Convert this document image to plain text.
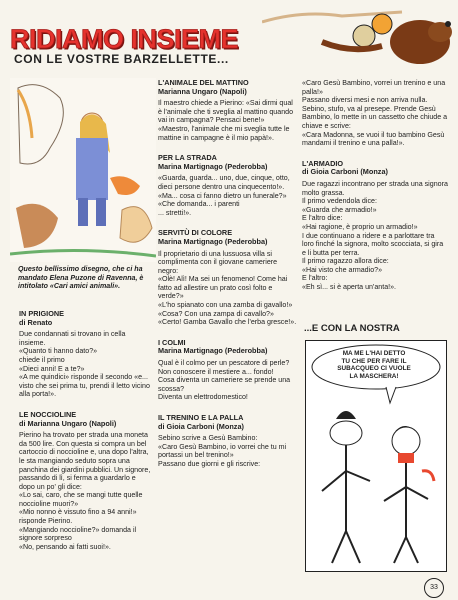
RIDIAMO INSIEME
CON LE VOSTRE BARZELLETTE...
Questo bellissimo disegno, che ci ha mandato Elena Puzone di Ravenna, è intitolato «Cari amici animali».
IN PRIGIONE
di Renato

Due condannati si trovano in cella insieme.
«Quanto ti hanno dato?»
chiede il primo
«Dieci anni! E a te?»
«A me quindici» risponde il secondo «e... visto che sei prima tu, prendi il letto vicino alla porta!».

LE NOCCIOLINE
di Marianna Ungaro (Napoli)

Pierino ha trovato per strada una moneta da 500 lire. Con questa si compra un bel cartoccio di noccioline e, una dopo l'altra, le sta mangiando seduto sopra una panchina dei giardini pubblici. Un signore, passando di lì, si ferma a guardarlo e dopo un po' gli dice:
«Lo sai, caro, che se mangi tutte quelle noccioline muori?»
«Mio nonno è vissuto fino a 94 anni!» risponde Pierino.
«Mangiando noccioline?» domanda il signore sorpreso
«No, pensando ai fatti suoi!».

L'ANIMALE DEL MATTINO
Marianna Ungaro (Napoli)

Il maestro chiede a Pierino: «Sai dirmi qual è l'animale che ti sveglia al mattino quando vai in campagna? Pensaci bene!»
«Maestro, l'animale che mi sveglia tutte le mattine in campagne è il mio papà!».

PER LA STRADA
Marina Martignago (Pederobba)

«Guarda, guarda... uno, due, cinque, otto, dieci persone dentro una cinquecento!».
«Ma... cosa ci fanno dietro un funerale?»
«Che domanda... i parenti
... stretti!».

SERVITÙ DI COLORE
Marina Martignago (Pederobba)

Il proprietario di una lussuosa villa si complimenta con il giovane cameriere negro:
«Olè! Alì! Ma sei un fenomeno! Come hai fatto ad allestire un prato così folto e verde?»
«L'ho spianato con una zamba di gavallo!»
«Cosa? Con una zampa di cavallo?»
«Certo! Gamba Gavallo che l'erba gresce!».

I COLMI
Marina Martignago (Pederobba)

Qual è il colmo per un pescatore di perle?
Non conoscere il mestiere a... fondo!
Cosa diventa un cameriere se prende una scossa?
Diventa un elettrodomestico!

IL TRENINO E LA PALLA
di Gioia Carboni (Monza)

Sebino scrive a Gesù Bambino:
«Caro Gesù Bambino, io vorrei che tu mi portassi un bel trenino!»
Passano due giorni e gli riscrive:

«Caro Gesù Bambino, vorrei un trenino e una palla!»
Passano diversi mesi e non arriva nulla. Sebino, stufo, va al presepe. Prende Gesù Bambino, lo mette in un cassetto che chiude a chiave e scrive:
«Cara Madonna, se vuoi il tuo bambino Gesù mandami il trenino e una palla!».

L'ARMADIO
di Gioia Carboni (Monza)

Due ragazzi incontrano per strada una signora molto grassa.
Il primo vedendola dice:
«Guarda che armadio!»
E l'altro dice:
«Hai ragione, è proprio un armadio!»
I due continuano a ridere e a parlottare tra loro finché la signora, molto scocciata, si gira e li butta per terra.
Il primo ragazzo allora dice:
«Hai visto che armadio?»
E l'altro:
«Eh sì... si è aperta un'anta!».

...E CON LA NOSTRA
MA ME L'HAI DETTO
TU CHE PER FARE IL
SUBACQUEO CI VUOLE
LA MASCHERA!
33
